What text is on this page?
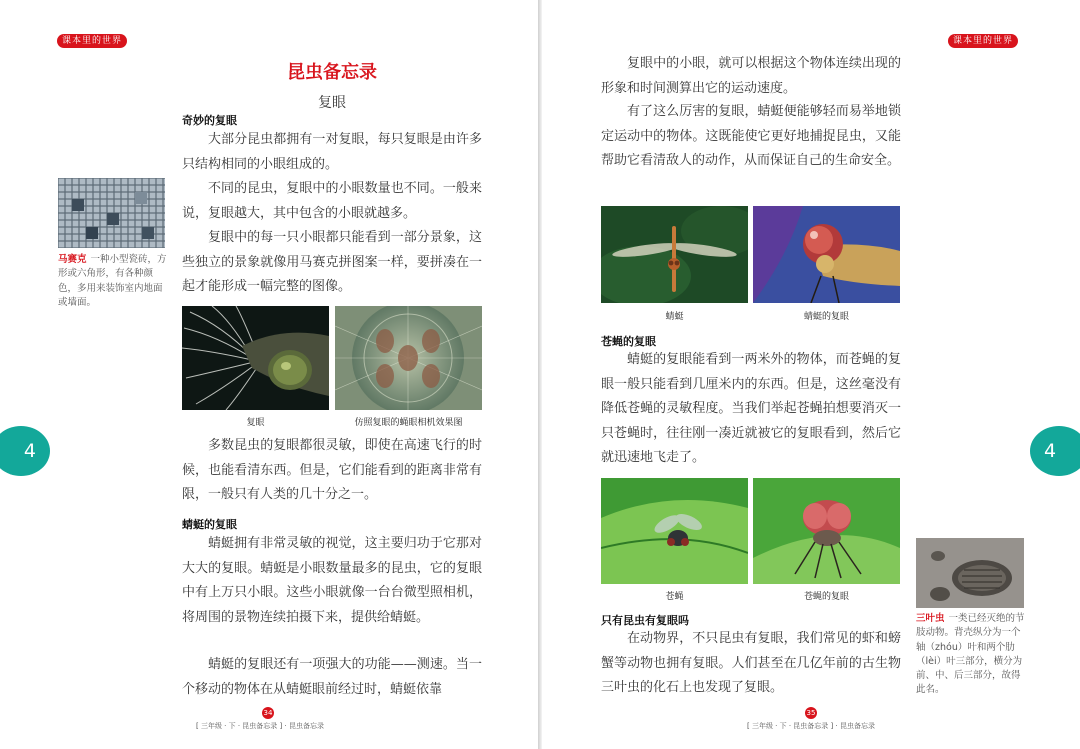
课本里的世界
昆虫备忘录
复眼
奇妙的复眼
大部分昆虫都拥有一对复眼，每只复眼是由许多只结构相同的小眼组成的。
不同的昆虫，复眼中的小眼数量也不同。一般来说，复眼越大，其中包含的小眼就越多。
复眼中的每一只小眼都只能看到一部分景象，这些独立的景象就像用马赛克拼图案一样，要拼凑在一起才能形成一幅完整的图像。
马赛克 一种小型瓷砖，方形或六角形，有各种颜色，多用来装饰室内地面或墙面。
复眼	仿照复眼的蝇眼相机效果图
多数昆虫的复眼都很灵敏，即使在高速飞行的时候，也能看清东西。但是，它们能看到的距离非常有限，一般只有人类的几十分之一。
蜻蜓的复眼
蜻蜓拥有非常灵敏的视觉，这主要归功于它那对大大的复眼。蜻蜓是小眼数量最多的昆虫，它的复眼中有上万只小眼。这些小眼就像一台台微型照相机，将周围的景物连续拍摄下来，提供给蜻蜓。
蜻蜓的复眼还有一项强大的功能——测速。当一个移动的物体在从蜻蜓眼前经过时，蜻蜓依靠
34
[ 三年级 · 下 · 昆虫备忘录 ] · 昆虫备忘录
课本里的世界
复眼中的小眼，就可以根据这个物体连续出现的形象和时间测算出它的运动速度。
有了这么厉害的复眼，蜻蜓便能够轻而易举地锁定运动中的物体。这既能使它更好地捕捉昆虫，又能帮助它看清敌人的动作，从而保证自己的生命安全。
蜻蜓	蜻蜓的复眼
苍蝇的复眼
蜻蜓的复眼能看到一两米外的物体，而苍蝇的复眼一般只能看到几厘米内的东西。但是，这丝毫没有降低苍蝇的灵敏程度。当我们举起苍蝇拍想要消灭一只苍蝇时，往往刚一凑近就被它的复眼看到，然后它就迅速地飞走了。
苍蝇	苍蝇的复眼
只有昆虫有复眼吗
在动物界，不只昆虫有复眼，我们常见的虾和螃蟹等动物也拥有复眼。人们甚至在几亿年前的古生物三叶虫的化石上也发现了复眼。
三叶虫 一类已经灭绝的节肢动物。背壳纵分为一个轴（zhóu）叶和两个肋（lèi）叶三部分，横分为前、中、后三部分，故得此名。
35
[ 三年级 · 下 · 昆虫备忘录 ] · 昆虫备忘录
4	4
